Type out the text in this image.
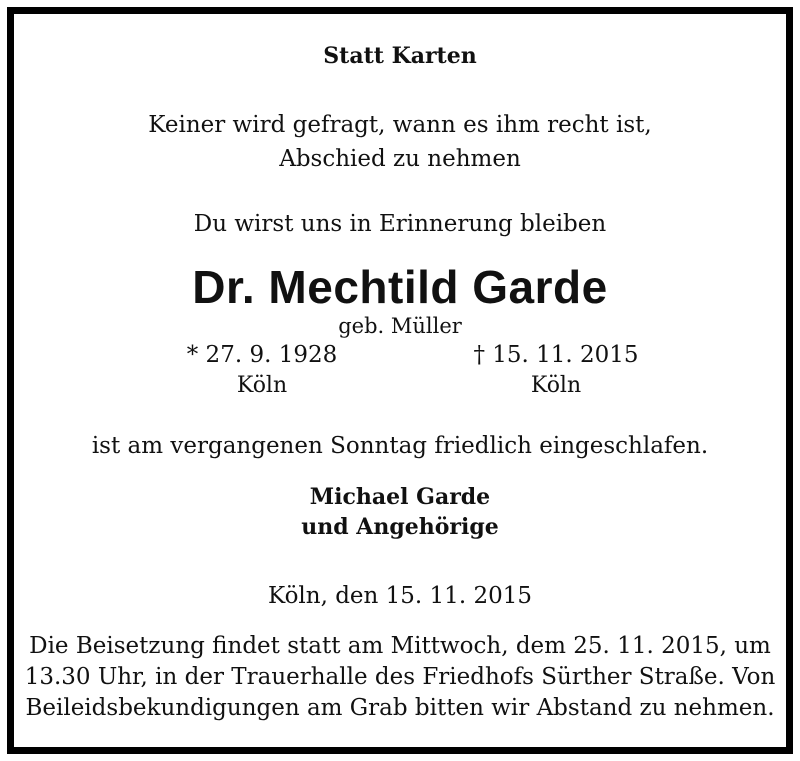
Statt Karten
Keiner wird gefragt, wann es ihm recht ist,
Abschied zu nehmen
Du wirst uns in Erinnerung bleiben
Dr. Mechtild Garde
geb. Müller
* 27. 9. 1928
Köln
† 15. 11. 2015
Köln
ist am vergangenen Sonntag friedlich eingeschlafen.
Michael Garde
und Angehörige
Köln, den 15. 11. 2015
Die Beisetzung findet statt am Mittwoch, dem 25. 11. 2015, um
13.30 Uhr, in der Trauerhalle des Friedhofs Sürther Straße. Von
Beileidsbekundigungen am Grab bitten wir Abstand zu nehmen.
